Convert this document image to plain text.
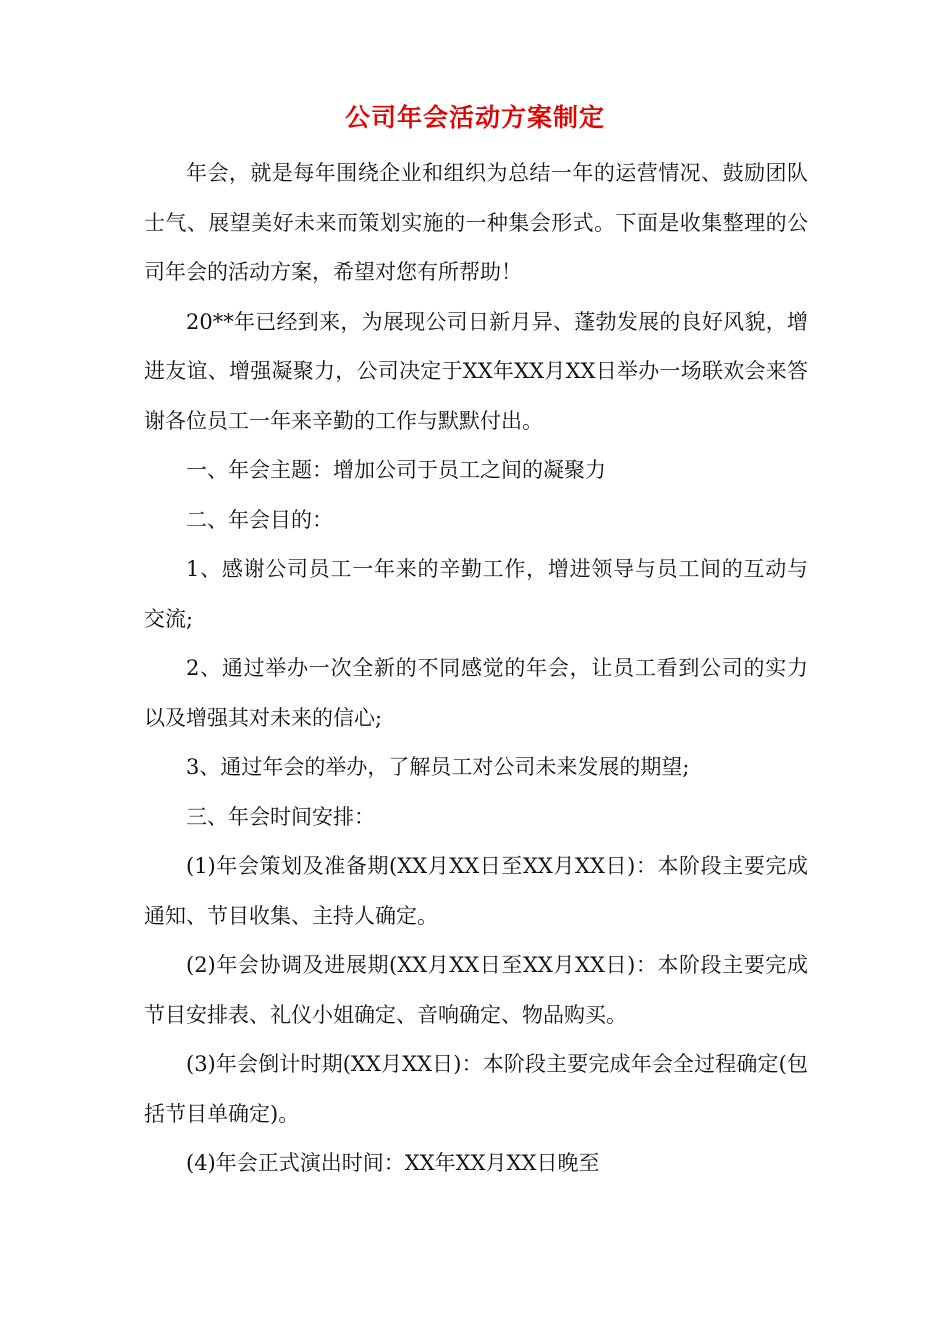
公司年会活动方案制定

年会，就是每年围绕企业和组织为总结一年的运营情况、鼓励团队士气、展望美好未来而策划实施的一种集会形式。下面是收集整理的公司年会的活动方案，希望对您有所帮助！

20**年已经到来，为展现公司日新月异、蓬勃发展的良好风貌，增进友谊、增强凝聚力，公司决定于XX年XX月XX日举办一场联欢会来答谢各位员工一年来辛勤的工作与默默付出。

一、年会主题：增加公司于员工之间的凝聚力

二、年会目的：

1、感谢公司员工一年来的辛勤工作，增进领导与员工间的互动与交流;

2、通过举办一次全新的不同感觉的年会，让员工看到公司的实力以及增强其对未来的信心;

3、通过年会的举办，了解员工对公司未来发展的期望;

三、年会时间安排：

(1)年会策划及准备期(XX月XX日至XX月XX日)：本阶段主要完成通知、节目收集、主持人确定。

(2)年会协调及进展期(XX月XX日至XX月XX日)：本阶段主要完成节目安排表、礼仪小姐确定、音响确定、物品购买。

(3)年会倒计时期(XX月XX日)：本阶段主要完成年会全过程确定(包括节目单确定)。

(4)年会正式演出时间：XX年XX月XX日晚至
